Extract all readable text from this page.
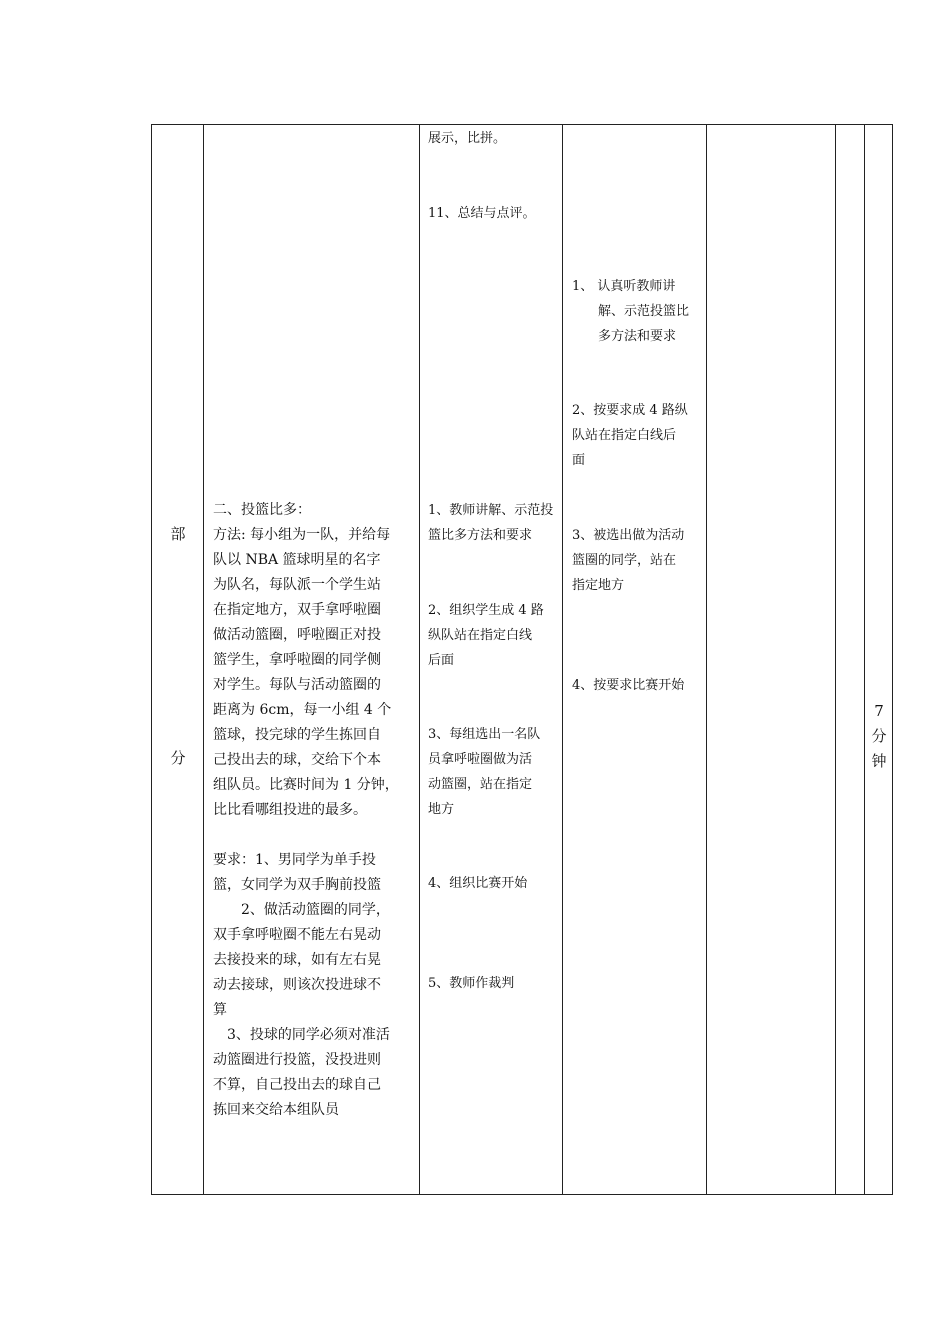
部
分
二、投篮比多：
方法: 每小组为一队，并给每
队以 NBA 篮球明星的名字
为队名，每队派一个学生站
在指定地方，双手拿呼啦圈
做活动篮圈，呼啦圈正对投
篮学生，拿呼啦圈的同学侧
对学生。每队与活动篮圈的
距离为 6cm，每一小组 4 个
篮球，投完球的学生拣回自
己投出去的球，交给下个本
组队员。比赛时间为 1 分钟，
比比看哪组投进的最多。
要求：1、男同学为单手投
篮，女同学为双手胸前投篮
　　2、做活动篮圈的同学，
双手拿呼啦圈不能左右晃动
去接投来的球，如有左右晃
动去接球，则该次投进球不
算
　3、投球的同学必须对准活
动篮圈进行投篮，没投进则
不算，自己投出去的球自己
拣回来交给本组队员
展示，比拼。
11、总结与点评。
1、教师讲解、示范投
篮比多方法和要求
2、组织学生成 4 路
纵队站在指定白线
后面
3、每组选出一名队
员拿呼啦圈做为活
动篮圈，站在指定
地方
4、组织比赛开始
5、教师作裁判
1、 认真听教师讲
　　解、示范投篮比
　　多方法和要求
2、按要求成 4 路纵
队站在指定白线后
面
3、被选出做为活动
篮圈的同学，站在
指定地方
4、按要求比赛开始
7
分
钟
